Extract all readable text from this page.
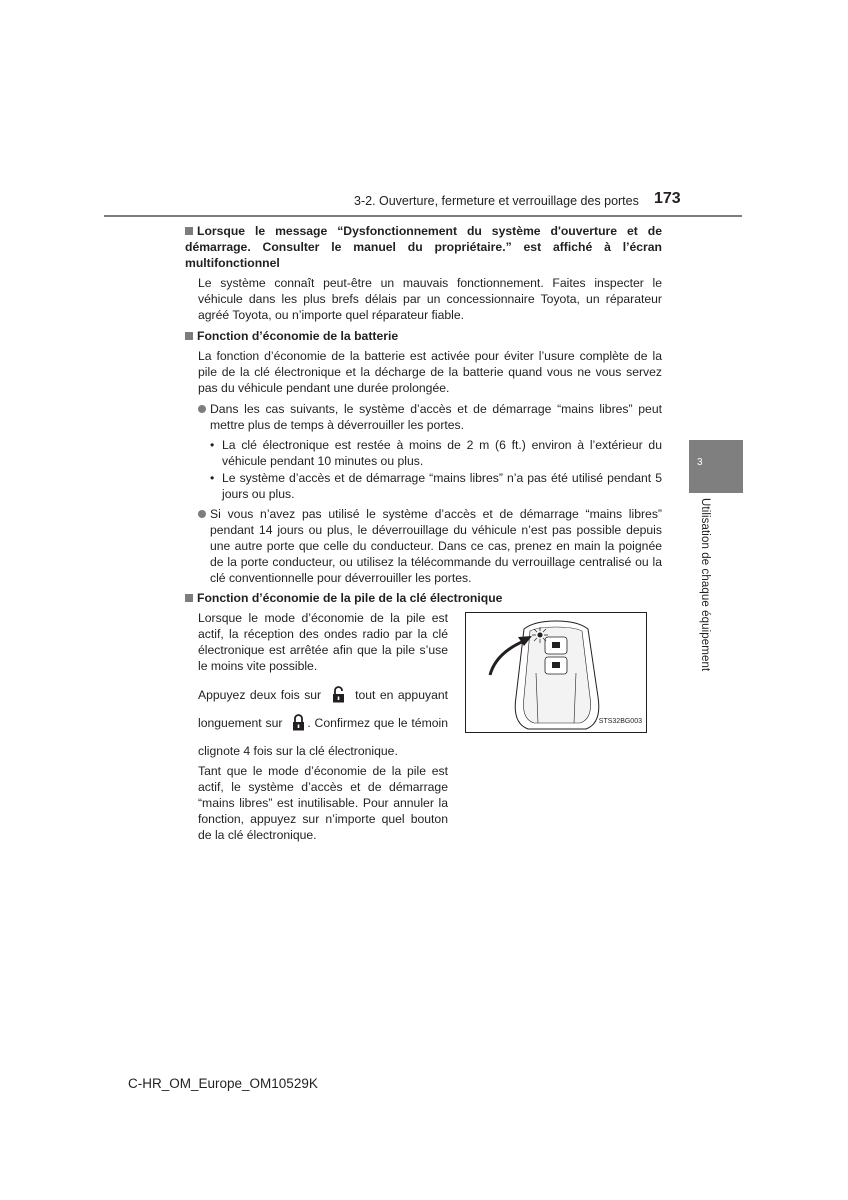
3-2. Ouverture, fermeture et verrouillage des portes 173
3
Utilisation de chaque équipement
Lorsque le message “Dysfonctionnement du système d'ouverture et de démarrage. Consulter le manuel du propriétaire.” est affiché à l’écran multifonctionnel
Le système connaît peut-être un mauvais fonctionnement. Faites inspecter le véhicule dans les plus brefs délais par un concessionnaire Toyota, un réparateur agréé Toyota, ou n’importe quel réparateur fiable.
Fonction d’économie de la batterie
La fonction d’économie de la batterie est activée pour éviter l’usure complète de la pile de la clé électronique et la décharge de la batterie quand vous ne vous servez pas du véhicule pendant une durée prolongée.
Dans les cas suivants, le système d’accès et de démarrage “mains libres” peut mettre plus de temps à déverrouiller les portes.
• La clé électronique est restée à moins de 2 m (6 ft.) environ à l’extérieur du véhicule pendant 10 minutes ou plus.
• Le système d’accès et de démarrage “mains libres” n’a pas été utilisé pendant 5 jours ou plus.
Si vous n’avez pas utilisé le système d’accès et de démarrage “mains libres” pendant 14 jours ou plus, le déverrouillage du véhicule n’est pas possible depuis une autre porte que celle du conducteur. Dans ce cas, prenez en main la poignée de la porte conducteur, ou utilisez la télécommande du verrouillage centralisé ou la clé conventionnelle pour déverrouiller les portes.
Fonction d’économie de la pile de la clé électronique
Lorsque le mode d’économie de la pile est actif, la réception des ondes radio par la clé électronique est arrêtée afin que la pile s’use le moins vite possible.
Appuyez deux fois sur	tout en appuyant longuement sur . Confirmez que le témoin clignote 4 fois sur la clé électronique.
Tant que le mode d’économie de la pile est actif, le système d’accès et de démarrage “mains libres” est inutilisable. Pour annuler la fonction, appuyez sur n’importe quel bouton de la clé électronique.
STS32BG003
C-HR_OM_Europe_OM10529K
